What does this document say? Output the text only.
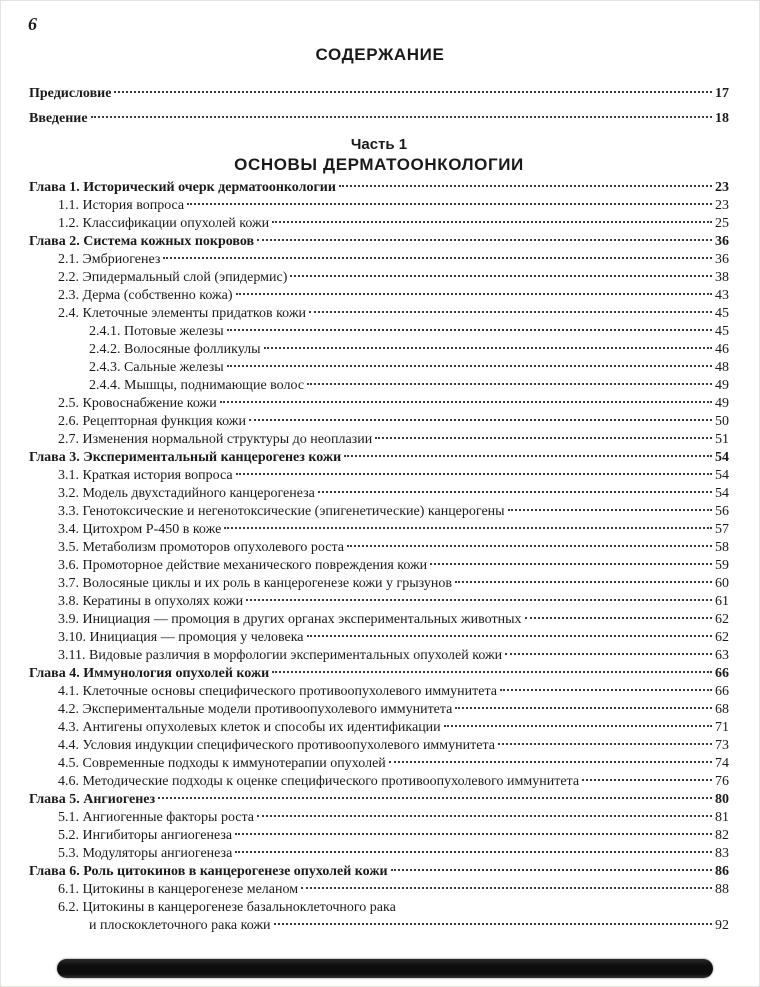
6
СОДЕРЖАНИЕ
Предисловие	17
Введение	18
Часть 1
ОСНОВЫ ДЕРМАТООНКОЛОГИИ
Глава 1. Исторический очерк дерматоонкологии	23
1.1. История вопроса	23
1.2. Классификации опухолей кожи	25
Глава 2. Система кожных покровов	36
2.1. Эмбриогенез	36
2.2. Эпидермальный слой (эпидермис)	38
2.3. Дерма (собственно кожа)	43
2.4. Клеточные элементы придатков кожи	45
2.4.1. Потовые железы	45
2.4.2. Волосяные фолликулы	46
2.4.3. Сальные железы	48
2.4.4. Мышцы, поднимающие волос	49
2.5. Кровоснабжение кожи	49
2.6. Рецепторная функция кожи	50
2.7. Изменения нормальной структуры до неоплазии	51
Глава 3. Экспериментальный канцерогенез кожи	54
3.1. Краткая история вопроса	54
3.2. Модель двухстадийного канцерогенеза	54
3.3. Генотоксические и негенотоксические (эпигенетические) канцерогены	56
3.4. Цитохром Р-450 в коже	57
3.5. Метаболизм промоторов опухолевого роста	58
3.6. Промоторное действие механического повреждения кожи	59
3.7. Волосяные циклы и их роль в канцерогенезе кожи у грызунов	60
3.8. Кератины в опухолях кожи	61
3.9. Инициация — промоция в других органах экспериментальных животных	62
3.10. Инициация — промоция у человека	62
3.11. Видовые различия в морфологии экспериментальных опухолей кожи	63
Глава 4. Иммунология опухолей кожи	66
4.1. Клеточные основы специфического противоопухолевого иммунитета	66
4.2. Экспериментальные модели противоопухолевого иммунитета	68
4.3. Антигены опухолевых клеток и способы их идентификации	71
4.4. Условия индукции специфического противоопухолевого иммунитета	73
4.5. Современные подходы к иммунотерапии опухолей	74
4.6. Методические подходы к оценке специфического противоопухолевого иммунитета	76
Глава 5. Ангиогенез	80
5.1. Ангиогенные факторы роста	81
5.2. Ингибиторы ангиогенеза	82
5.3. Модуляторы ангиогенеза	83
Глава 6. Роль цитокинов в канцерогенезе опухолей кожи	86
6.1. Цитокины в канцерогенезе меланом	88
6.2. Цитокины в канцерогенезе базальноклеточного рака
и плоскоклеточного рака кожи	92
